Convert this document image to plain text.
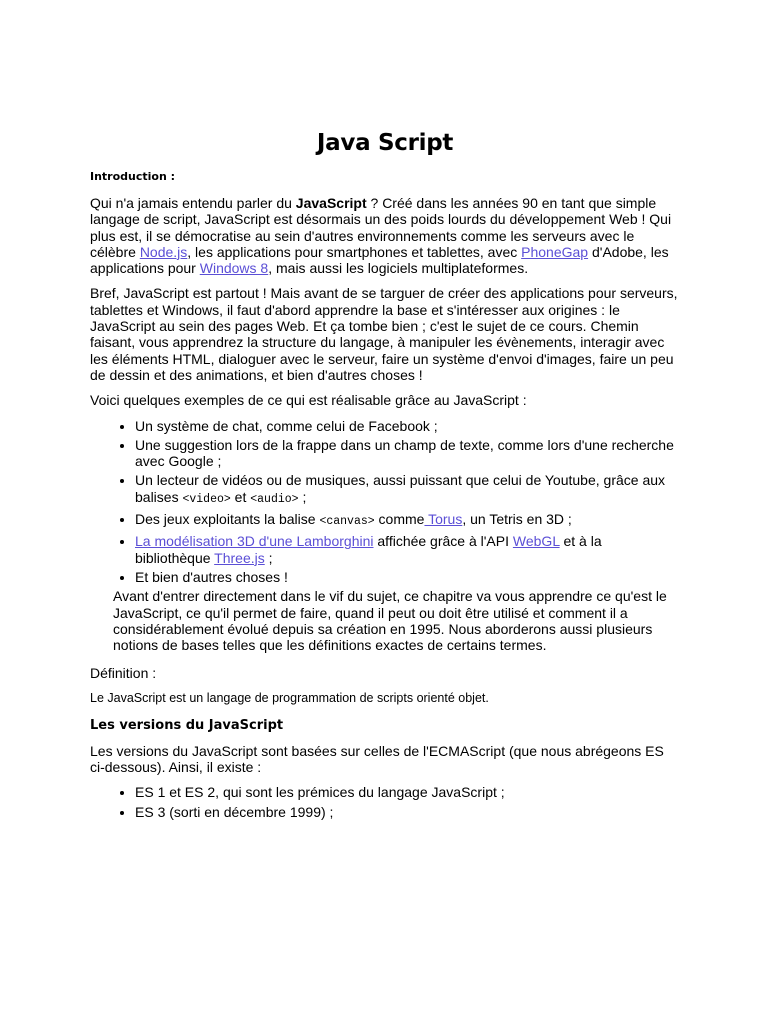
Java Script
Introduction :

Qui n'a jamais entendu parler du JavaScript ? Créé dans les années 90 en tant que simple langage de script, JavaScript est désormais un des poids lourds du développement Web ! Qui plus est, il se démocratise au sein d'autres environnements comme les serveurs avec le célèbre Node.js, les applications pour smartphones et tablettes, avec PhoneGap d'Adobe, les applications pour Windows 8, mais aussi les logiciels multiplateformes.

Bref, JavaScript est partout ! Mais avant de se targuer de créer des applications pour serveurs, tablettes et Windows, il faut d'abord apprendre la base et s'intéresser aux origines : le JavaScript au sein des pages Web. Et ça tombe bien ; c'est le sujet de ce cours. Chemin faisant, vous apprendrez la structure du langage, à manipuler les évènements, interagir avec les éléments HTML, dialoguer avec le serveur, faire un système d'envoi d'images, faire un peu de dessin et des animations, et bien d'autres choses !

Voici quelques exemples de ce qui est réalisable grâce au JavaScript :

• Un système de chat, comme celui de Facebook ;
• Une suggestion lors de la frappe dans un champ de texte, comme lors d'une recherche avec Google ;
• Un lecteur de vidéos ou de musiques, aussi puissant que celui de Youtube, grâce aux balises <video> et <audio> ;
• Des jeux exploitants la balise <canvas> comme Torus, un Tetris en 3D ;
• La modélisation 3D d'une Lamborghini affichée grâce à l'API WebGL et à la bibliothèque Three.js ;
• Et bien d'autres choses !

Avant d'entrer directement dans le vif du sujet, ce chapitre va vous apprendre ce qu'est le JavaScript, ce qu'il permet de faire, quand il peut ou doit être utilisé et comment il a considérablement évolué depuis sa création en 1995. Nous aborderons aussi plusieurs notions de bases telles que les définitions exactes de certains termes.

Définition :

Le JavaScript est un langage de programmation de scripts orienté objet.

Les versions du JavaScript

Les versions du JavaScript sont basées sur celles de l'ECMAScript (que nous abrégeons ES ci-dessous). Ainsi, il existe :

• ES 1 et ES 2, qui sont les prémices du langage JavaScript ;
• ES 3 (sorti en décembre 1999) ;
